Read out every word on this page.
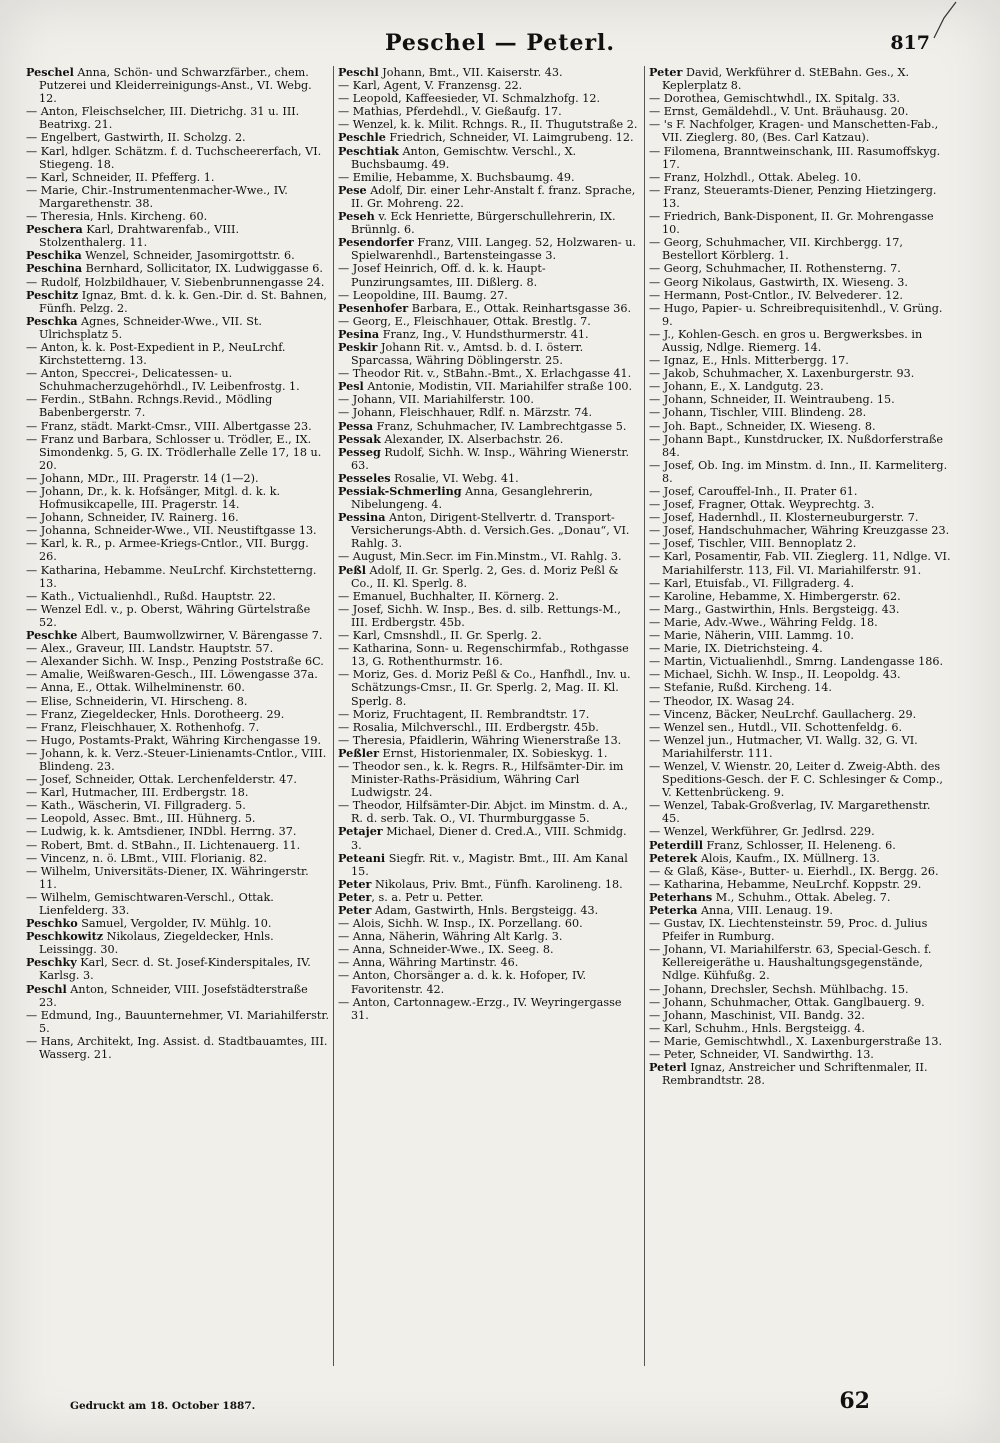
Peschel — Peterl.	817
Peschel Anna, Schön- und Schwarzfärber., chem. Putzerei und Kleiderreinigungs-Anst., VI. Webg. 12.
— Anton, Fleischselcher, III. Dietrichg. 31 u. III. Beatrixg. 21.
— Engelbert, Gastwirth, II. Scholzg. 2.
— Karl, hdlger. Schätzm. f. d. Tuchscheererfach, VI. Stiegeng. 18.
— Karl, Schneider, II. Pfefferg. 1.
— Marie, Chir.-Instrumentenmacher-Wwe., IV. Margarethenstr. 38.
— Theresia, Hnls. Kircheng. 60.
Peschera Karl, Drahtwarenfab., VIII. Stolzenthalerg. 11.
Peschika Wenzel, Schneider, Jasomirgottstr. 6.
Peschina Bernhard, Sollicitator, IX. Ludwiggasse 6.
— Rudolf, Holzbildhauer, V. Siebenbrunnengasse 24.
Peschitz Ignaz, Bmt. d. k. k. Gen.-Dir. d. St. Bahnen, Fünfh. Pelzg. 2.
Peschka Agnes, Schneider-Wwe., VII. St. Ulrichsplatz 5.
— Anton, k. k. Post-Expedient in P., NeuLrchf. Kirchstetterng. 13.
— Anton, Speccrei-, Delicatessen- u. Schuhmacherzugehörhdl., IV. Leibenfrostg. 1.
— Ferdin., StBahn. Rchngs.Revid., Mödling Babenbergerstr. 7.
— Franz, städt. Markt-Cmsr., VIII. Albertgasse 23.
— Franz und Barbara, Schlosser u. Trödler, E., IX. Simondenkg. 5, G. IX. Trödlerhalle Zelle 17, 18 u. 20.
— Johann, MDr., III. Pragerstr. 14 (1—2).
— Johann, Dr., k. k. Hofsänger, Mitgl. d. k. k. Hofmusikcapelle, III. Pragerstr. 14.
— Johann, Schneider, IV. Rainerg. 16.
— Johanna, Schneider-Wwe., VII. Neustiftgasse 13.
— Karl, k. R., p. Armee-Kriegs-Cntlor., VII. Burgg. 26.
— Katharina, Hebamme. NeuLrchf. Kirchstetterng. 13.
— Kath., Victualienhdl., Rußd. Hauptstr. 22.
— Wenzel Edl. v., p. Oberst, Währing Gürtelstraße 52.
Peschke Albert, Baumwollzwirner, V. Bärengasse 7.
— Alex., Graveur, III. Landstr. Hauptstr. 57.
— Alexander Sichh. W. Insp., Penzing Poststraße 6C.
— Amalie, Weißwaren-Gesch., III. Löwengasse 37a.
— Anna, E., Ottak. Wilhelminenstr. 60.
— Elise, Schneiderin, VI. Hirscheng. 8.
— Franz, Ziegeldecker, Hnls. Dorotheerg. 29.
— Franz, Fleischhauer, X. Rothenhofg. 7.
— Hugo, Postamts-Prakt, Währing Kirchengasse 19.
— Johann, k. k. Verz.-Steuer-Linienamts-Cntlor., VIII. Blindeng. 23.
— Josef, Schneider, Ottak. Lerchenfelderstr. 47.
— Karl, Hutmacher, III. Erdbergstr. 18.
— Kath., Wäscherin, VI. Fillgraderg. 5.
— Leopold, Assec. Bmt., III. Hühnerg. 5.
— Ludwig, k. k. Amtsdiener, INDbl. Herrng. 37.
— Robert, Bmt. d. StBahn., II. Lichtenauerg. 11.
— Vincenz, n. ö. LBmt., VIII. Florianig. 82.
— Wilhelm, Universitäts-Diener, IX. Währingerstr. 11.
— Wilhelm, Gemischtwaren-Verschl., Ottak. Lienfelderg. 33.
Peschko Samuel, Vergolder, IV. Mühlg. 10.
Peschkowitz Nikolaus, Ziegeldecker, Hnls. Leissingg. 30.
Peschky Karl, Secr. d. St. Josef-Kinderspitales, IV. Karlsg. 3.
Peschl Anton, Schneider, VIII. Josefstädterstraße 23.
— Edmund, Ing., Bauunternehmer, VI. Mariahilferstr. 5.
— Hans, Architekt, Ing. Assist. d. Stadtbauamtes, III. Wasserg. 21.
Peschl Johann, Bmt., VII. Kaiserstr. 43.
— Karl, Agent, V. Franzensg. 22.
— Leopold, Kaffeesieder, VI. Schmalzhofg. 12.
— Mathias, Pferdehdl., V. Gießaufg. 17.
— Wenzel, k. k. Milit. Rchngs. R., II. Thugutstraße 2.
Peschle Friedrich, Schneider, VI. Laimgrubeng. 12.
Peschtiak Anton, Gemischtw. Verschl., X. Buchsbaumg. 49.
— Emilie, Hebamme, X. Buchsbaumg. 49.
Pese Adolf, Dir. einer Lehr-Anstalt f. franz. Sprache, II. Gr. Mohreng. 22.
Peseh v. Eck Henriette, Bürgerschullehrerin, IX. Brünnlg. 6.
Pesendorfer Franz, VIII. Langeg. 52, Holzwaren- u. Spielwarenhdl., Bartensteingasse 3.
— Josef Heinrich, Off. d. k. k. Haupt-Punzirungsamtes, III. Dißlerg. 8.
— Leopoldine, III. Baumg. 27.
Pesenhofer Barbara, E., Ottak. Reinhartsgasse 36.
— Georg, E., Fleischhauer, Ottak. Brestlg. 7.
Pesina Franz, Ing., V. Hundsthurmerstr. 41.
Peskir Johann Rit. v., Amtsd. b. d. I. österr. Sparcassa, Währing Döblingerstr. 25.
— Theodor Rit. v., StBahn.-Bmt., X. Erlachgasse 41.
Pesl Antonie, Modistin, VII. Mariahilfer straße 100.
— Johann, VII. Mariahilferstr. 100.
— Johann, Fleischhauer, Rdlf. n. Märzstr. 74.
Pessa Franz, Schuhmacher, IV. Lambrechtgasse 5.
Pessak Alexander, IX. Alserbachstr. 26.
Pesseg Rudolf, Sichh. W. Insp., Währing Wienerstr. 63.
Pesseles Rosalie, VI. Webg. 41.
Pessiak-Schmerling Anna, Gesanglehrerin, Nibelungeng. 4.
Pessina Anton, Dirigent-Stellvertr. d. Transport-Versicherungs-Abth. d. Versich.Ges. „Donau“, VI. Rahlg. 3.
— August, Min.Secr. im Fin.Minstm., VI. Rahlg. 3.
Peßl Adolf, II. Gr. Sperlg. 2, Ges. d. Moriz Peßl & Co., II. Kl. Sperlg. 8.
— Emanuel, Buchhalter, II. Körnerg. 2.
— Josef, Sichh. W. Insp., Bes. d. silb. Rettungs-M., III. Erdbergstr. 45b.
— Karl, Cmsnshdl., II. Gr. Sperlg. 2.
— Katharina, Sonn- u. Regenschirmfab., Rothgasse 13, G. Rothenthurmstr. 16.
— Moriz, Ges. d. Moriz Peßl & Co., Hanfhdl., Inv. u. Schätzungs-Cmsr., II. Gr. Sperlg. 2, Mag. II. Kl. Sperlg. 8.
— Moriz, Fruchtagent, II. Rembrandtstr. 17.
— Rosalia, Milchverschl., III. Erdbergstr. 45b.
— Theresia, Pfaidlerin, Währing Wienerstraße 13.
Peßler Ernst, Historienmaler, IX. Sobieskyg. 1.
— Theodor sen., k. k. Regrs. R., Hilfsämter-Dir. im Minister-Raths-Präsidium, Währing Carl Ludwigstr. 24.
— Theodor, Hilfsämter-Dir. Abjct. im Minstm. d. A., R. d. serb. Tak. O., VI. Thurmburggasse 5.
Petajer Michael, Diener d. Cred.A., VIII. Schmidg. 3.
Peteani Siegfr. Rit. v., Magistr. Bmt., III. Am Kanal 15.
Peter Nikolaus, Priv. Bmt., Fünfh. Karolineng. 18.
Peter, s. a. Petr u. Petter.
Peter Adam, Gastwirth, Hnls. Bergsteigg. 43.
— Alois, Sichh. W. Insp., IX. Porzellang. 60.
— Anna, Näherin, Währing Alt Karlg. 3.
— Anna, Schneider-Wwe., IX. Seeg. 8.
— Anna, Währing Martinstr. 46.
— Anton, Chorsänger a. d. k. k. Hofoper, IV. Favoritenstr. 42.
— Anton, Cartonnagew.-Erzg., IV. Weyringergasse 31.
Peter David, Werkführer d. StEBahn. Ges., X. Keplerplatz 8.
— Dorothea, Gemischtwhdl., IX. Spitalg. 33.
— Ernst, Gemäldehdl., V. Unt. Bräuhausg. 20.
— 's F. Nachfolger, Kragen- und Manschetten-Fab., VII. Zieglerg. 80, (Bes. Carl Katzau).
— Filomena, Branntweinschank, III. Rasumoffskyg. 17.
— Franz, Holzhdl., Ottak. Abeleg. 10.
— Franz, Steueramts-Diener, Penzing Hietzingerg. 13.
— Friedrich, Bank-Disponent, II. Gr. Mohrengasse 10.
— Georg, Schuhmacher, VII. Kirchbergg. 17, Bestellort Körblerg. 1.
— Georg, Schuhmacher, II. Rothensterng. 7.
— Georg Nikolaus, Gastwirth, IX. Wieseng. 3.
— Hermann, Post-Cntlor., IV. Belvederег. 12.
— Hugo, Papier- u. Schreibrequisitenhdl., V. Grüng. 9.
— J., Kohlen-Gesch. en gros u. Bergwerksbes. in Aussig, Ndlge. Riemerg. 14.
— Ignaz, E., Hnls. Mitterbergg. 17.
— Jakob, Schuhmacher, X. Laxenburgerstr. 93.
— Johann, E., X. Landgutg. 23.
— Johann, Schneider, II. Weintraubeng. 15.
— Johann, Tischler, VIII. Blindeng. 28.
— Joh. Bapt., Schneider, IX. Wieseng. 8.
— Johann Bapt., Kunstdrucker, IX. Nußdorferstraße 84.
— Josef, Ob. Ing. im Minstm. d. Inn., II. Karmeliterg. 8.
— Josef, Carouffel-Inh., II. Prater 61.
— Josef, Fragner, Ottak. Weyprechtg. 3.
— Josef, Hadernhdl., II. Klosterneuburgerstr. 7.
— Josef, Handschuhmacher, Währing Kreuzgasse 23.
— Josef, Tischler, VIII. Bennoplatz 2.
— Karl, Posamentir, Fab. VII. Zieglerg. 11, Ndlge. VI. Mariahilferstr. 113, Fil. VI. Mariahilferstr. 91.
— Karl, Etuisfab., VI. Fillgraderg. 4.
— Karoline, Hebamme, X. Himbergerstr. 62.
— Marg., Gastwirthin, Hnls. Bergsteigg. 43.
— Marie, Adv.-Wwe., Währing Feldg. 18.
— Marie, Näherin, VIII. Lammg. 10.
— Marie, IX. Dietrichsteing. 4.
— Martin, Victualienhdl., Smrng. Landengasse 186.
— Michael, Sichh. W. Insp., II. Leopoldg. 43.
— Stefanie, Rußd. Kircheng. 14.
— Theodor, IX. Wasag 24.
— Vincenz, Bäcker, NeuLrchf. Gaullacherg. 29.
— Wenzel sen., Hutdl., VII. Schottenfeldg. 6.
— Wenzel jun., Hutmacher, VI. Wallg. 32, G. VI. Mariahilferstr. 111.
— Wenzel, V. Wienstr. 20, Leiter d. Zweig-Abth. des Speditions-Gesch. der F. C. Schlesinger & Comp., V. Kettenbrückeng. 9.
— Wenzel, Tabak-Großverlag, IV. Margarethenstr. 45.
— Wenzel, Werkführer, Gr. Jedlrsd. 229.
Peterdill Franz, Schlosser, II. Heleneng. 6.
Peterek Alois, Kaufm., IX. Müllnerg. 13.
— & Glaß, Käse-, Butter- u. Eierhdl., IX. Bergg. 26.
— Katharina, Hebamme, NeuLrchf. Koppstr. 29.
Peterhans M., Schuhm., Ottak. Abeleg. 7.
Peterka Anna, VIII. Lenaug. 19.
— Gustav, IX. Liechtensteinstr. 59, Proc. d. Julius Pfeifer in Rumburg.
— Johann, VI. Mariahilferstr. 63, Special-Gesch. f. Kellereigeräthe u. Haushaltungsgegenstände, Ndlge. Kühfußg. 2.
— Johann, Drechsler, Sechsh. Mühlbachg. 15.
— Johann, Schuhmacher, Ottak. Ganglbauerg. 9.
— Johann, Maschinist, VII. Bandg. 32.
— Karl, Schuhm., Hnls. Bergsteigg. 4.
— Marie, Gemischtwhdl., X. Laxenburgerstraße 13.
— Peter, Schneider, VI. Sandwirthg. 13.
Peterl Ignaz, Anstreicher und Schriftenmaler, II. Rembrandtstr. 28.
Gedruckt am 18. October 1887.	62
